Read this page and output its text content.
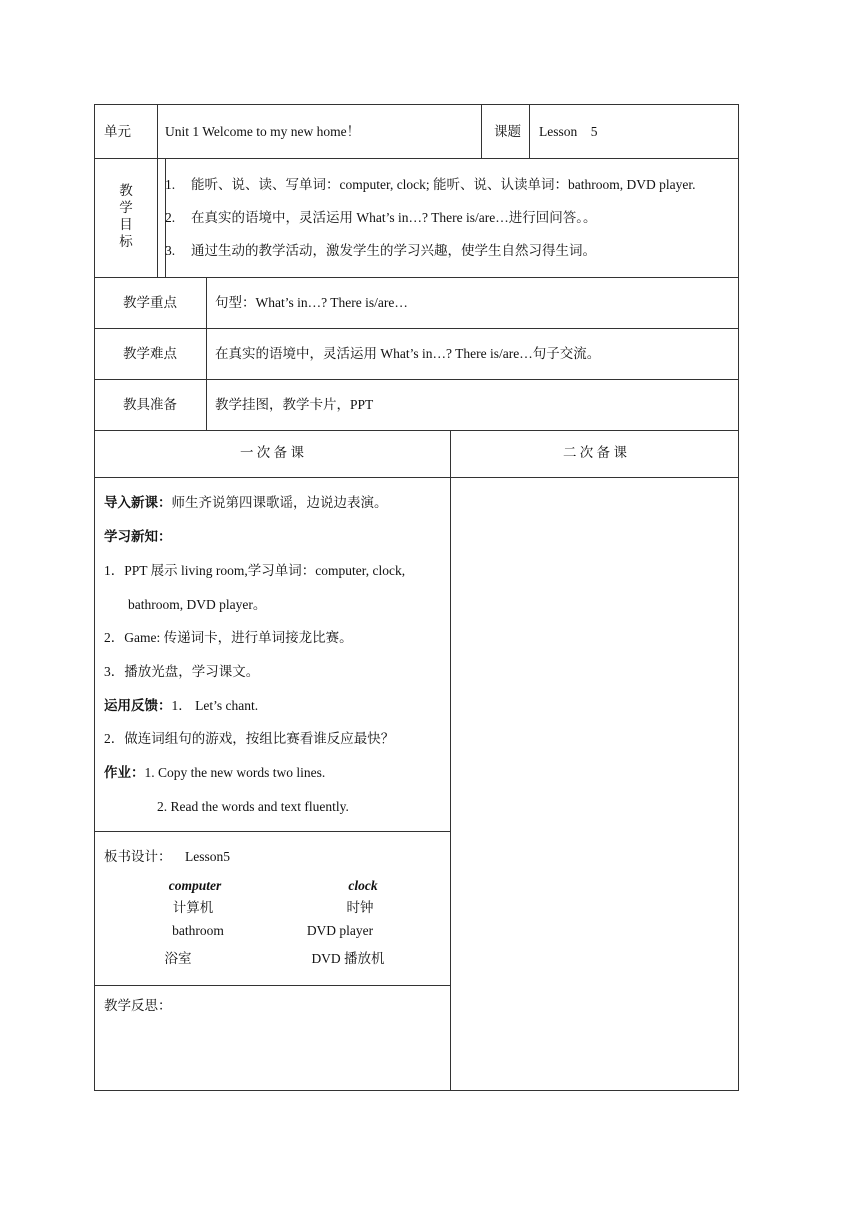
单元	Unit 1 Welcome to my new home！	课题 Lesson    5
教学目标
1. 能听、说、读、写单词：computer, clock; 能听、说、认读单词：bathroom, DVD player.
2. 在真实的语境中，灵活运用 What’s in…? There is/are…进行回问答。。
3. 通过生动的教学活动，激发学生的学习兴趣，使学生自然习得生词。
教学重点	句型：What’s in…? There is/are…
教学难点	在真实的语境中，灵活运用 What’s in…? There is/are…句子交流。
教具准备	教学挂图，教学卡片，PPT
一 次 备 课	二 次 备 课
导入新课：师生齐说第四课歌谣，边说边表演。
学习新知：
1．PPT 展示 living room,学习单词：computer, clock,
bathroom, DVD player。
2．Game: 传递词卡，进行单词接龙比赛。
3．播放光盘，学习课文。
运用反馈：1． Let’s chant.
2．做连词组句的游戏，按组比赛看谁反应最快？
作业：1. Copy the new words two lines.
2. Read the words and text fluently.
板书设计： Lesson5
computer	clock
计算机	时钟
bathroom	DVD player
浴室	DVD 播放机
教学反思：
